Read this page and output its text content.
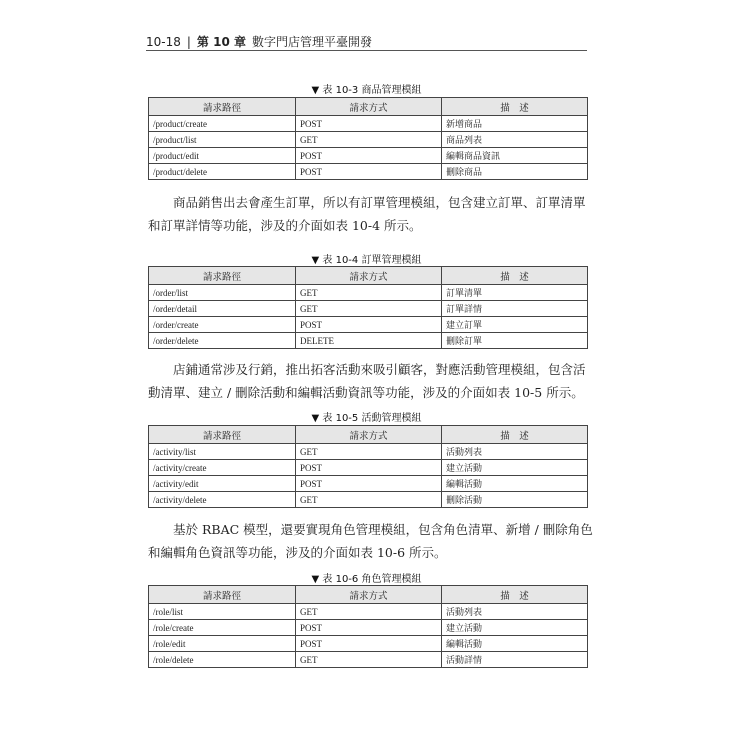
10-18 | 第 10 章 數字門店管理平臺開發
▼ 表 10-3 商品管理模組
請求路徑	請求方式	描　述
/product/create	POST	新增商品
/product/list	GET	商品列表
/product/edit	POST	編輯商品資訊
/product/delete	POST	刪除商品
商品銷售出去會產生訂單，所以有訂單管理模組，包含建立訂單、訂單清單
和訂單詳情等功能，涉及的介面如表 10-4 所示。
▼ 表 10-4 訂單管理模組
請求路徑	請求方式	描　述
/order/list	GET	訂單清單
/order/detail	GET	訂單詳情
/order/create	POST	建立訂單
/order/delete	DELETE	刪除訂單
店鋪通常涉及行銷，推出拓客活動來吸引顧客，對應活動管理模組，包含活
動清單、建立 / 刪除活動和編輯活動資訊等功能，涉及的介面如表 10-5 所示。
▼ 表 10-5 活動管理模組
請求路徑	請求方式	描　述
/activity/list	GET	活動列表
/activity/create	POST	建立活動
/activity/edit	POST	編輯活動
/activity/delete	GET	刪除活動
基於 RBAC 模型，還要實現角色管理模組，包含角色清單、新增 / 刪除角色
和編輯角色資訊等功能，涉及的介面如表 10-6 所示。
▼ 表 10-6 角色管理模組
請求路徑	請求方式	描　述
/role/list	GET	活動列表
/role/create	POST	建立活動
/role/edit	POST	編輯活動
/role/delete	GET	活動詳情
